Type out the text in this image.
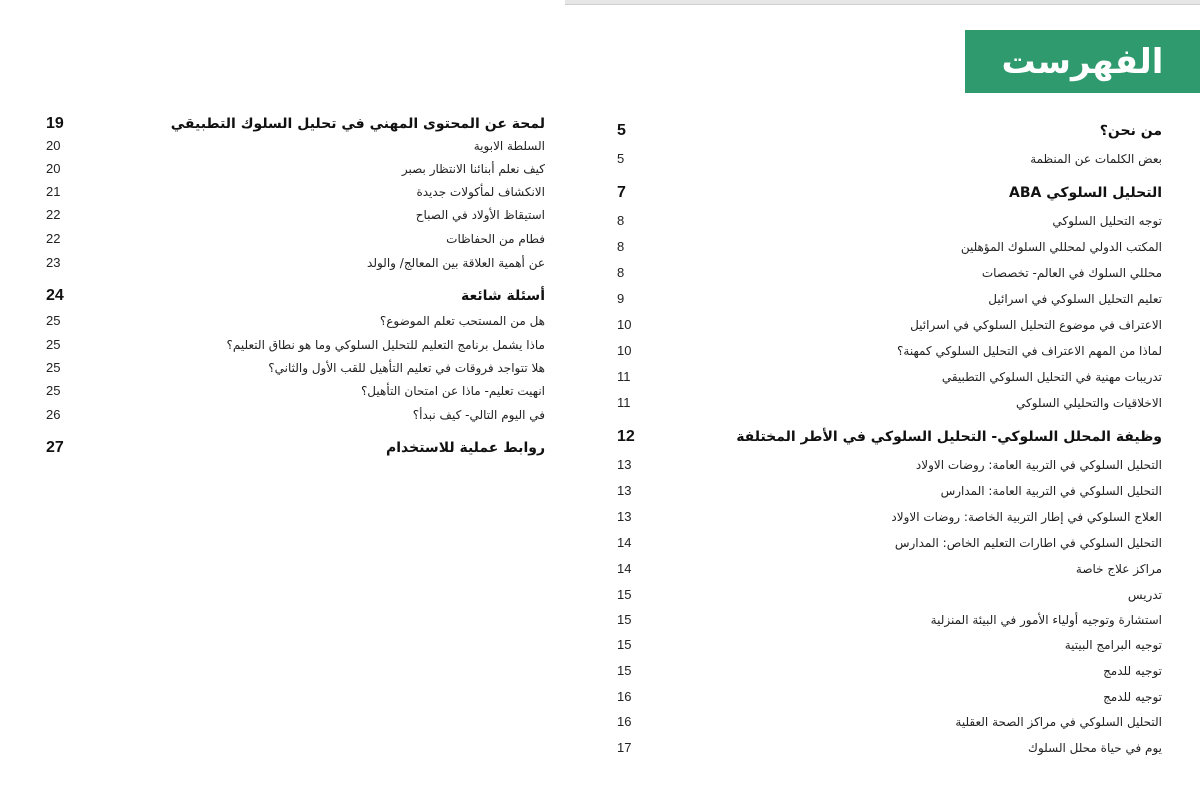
الفهرست
5	من نحن؟
5	بعض الكلمات عن المنظمة
7	التحليل السلوكي ABA
8	توجه التحليل السلوكي
8	المكتب الدولي لمحللي السلوك المؤهلين
8	محللي السلوك في العالم- تخصصات
9	تعليم التحليل السلوكي في اسرائيل
10	الاعتراف في موضوع التحليل السلوكي في اسرائيل
10	لماذا من المهم الاعتراف في التحليل السلوكي كمهنة؟
11	تدريبات مهنية في التحليل السلوكي التطبيقي
11	الاخلاقيات والتحليلي السلوكي
12	وظيفة المحلل السلوكي- التحليل السلوكي في الأطر المختلفة
13	التحليل السلوكي في التربية العامة: روضات الاولاد
13	التحليل السلوكي في التربية العامة: المدارس
13	العلاج السلوكي في إطار التربية الخاصة: روضات الاولاد
14	التحليل السلوكي في اطارات التعليم الخاص: المدارس
14	مراكز علاج خاصة
15	تدريس
15	استشارة وتوجيه أولياء الأمور في البيئة المنزلية
15	توجيه البرامج البيتية
15	توجيه للدمج
16	توجيه للدمج
16	التحليل السلوكي في مراكز الصحة العقلية
17	يوم في حياة محلل السلوك
19	لمحة عن المحتوى المهني في تحليل السلوك التطبيقي
20	السلطة الابوية
20	كيف نعلم أبنائنا الانتظار بصبر
21	الانكشاف لمأكولات جديدة
22	استيقاظ الأولاد في الصباح
22	فطام من الحفاظات
23	عن أهمية العلاقة بين المعالج/ والولد
24	أسئلة شائعة
25	هل من المستحب تعلم الموضوع؟
25	ماذا يشمل برنامج التعليم للتحليل السلوكي وما هو نطاق التعليم؟
25	هلا تتواجد فروقات في تعليم التأهيل للقب الأول والثاني؟
25	انهيت تعليم- ماذا عن امتحان التأهيل؟
26	في اليوم التالي- كيف نبدأ؟
27	روابط عملية للاستخدام
